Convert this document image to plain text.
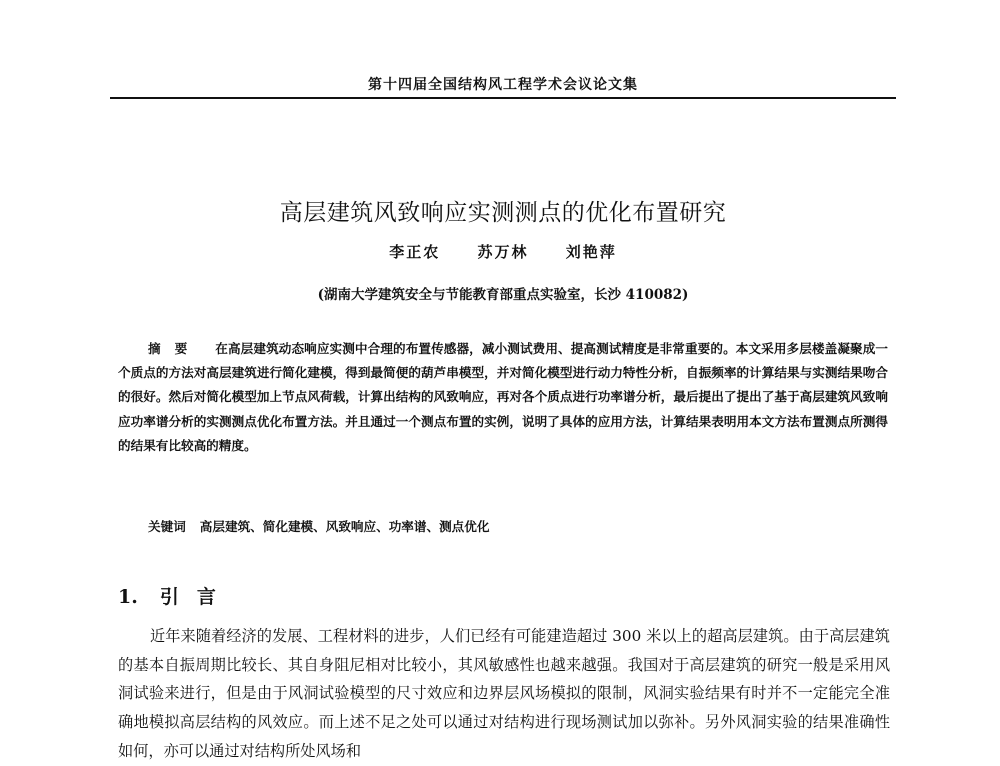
第十四届全国结构风工程学术会议论文集
高层建筑风致响应实测测点的优化布置研究
李正农 苏万林 刘艳萍
(湖南大学建筑安全与节能教育部重点实验室，长沙 410082)
摘要 在高层建筑动态响应实测中合理的布置传感器，减小测试费用、提高测试精度是非常重要的。本文采用多层楼盖凝聚成一个质点的方法对高层建筑进行简化建模，得到最简便的葫芦串模型，并对简化模型进行动力特性分析，自振频率的计算结果与实测结果吻合的很好。然后对简化模型加上节点风荷载，计算出结构的风致响应，再对各个质点进行功率谱分析，最后提出了提出了基于高层建筑风致响应功率谱分析的实测测点优化布置方法。并且通过一个测点布置的实例，说明了具体的应用方法，计算结果表明用本文方法布置测点所测得的结果有比较高的精度。
关键词 高层建筑、简化建模、风致响应、功率谱、测点优化
1. 引言
近年来随着经济的发展、工程材料的进步，人们已经有可能建造超过 300 米以上的超高层建筑。由于高层建筑的基本自振周期比较长、其自身阻尼相对比较小，其风敏感性也越来越强。我国对于高层建筑的研究一般是采用风洞试验来进行，但是由于风洞试验模型的尺寸效应和边界层风场模拟的限制，风洞实验结果有时并不一定能完全准确地模拟高层结构的风效应。而上述不足之处可以通过对结构进行现场测试加以弥补。另外风洞实验的结果准确性如何，亦可以通过对结构所处风场和
